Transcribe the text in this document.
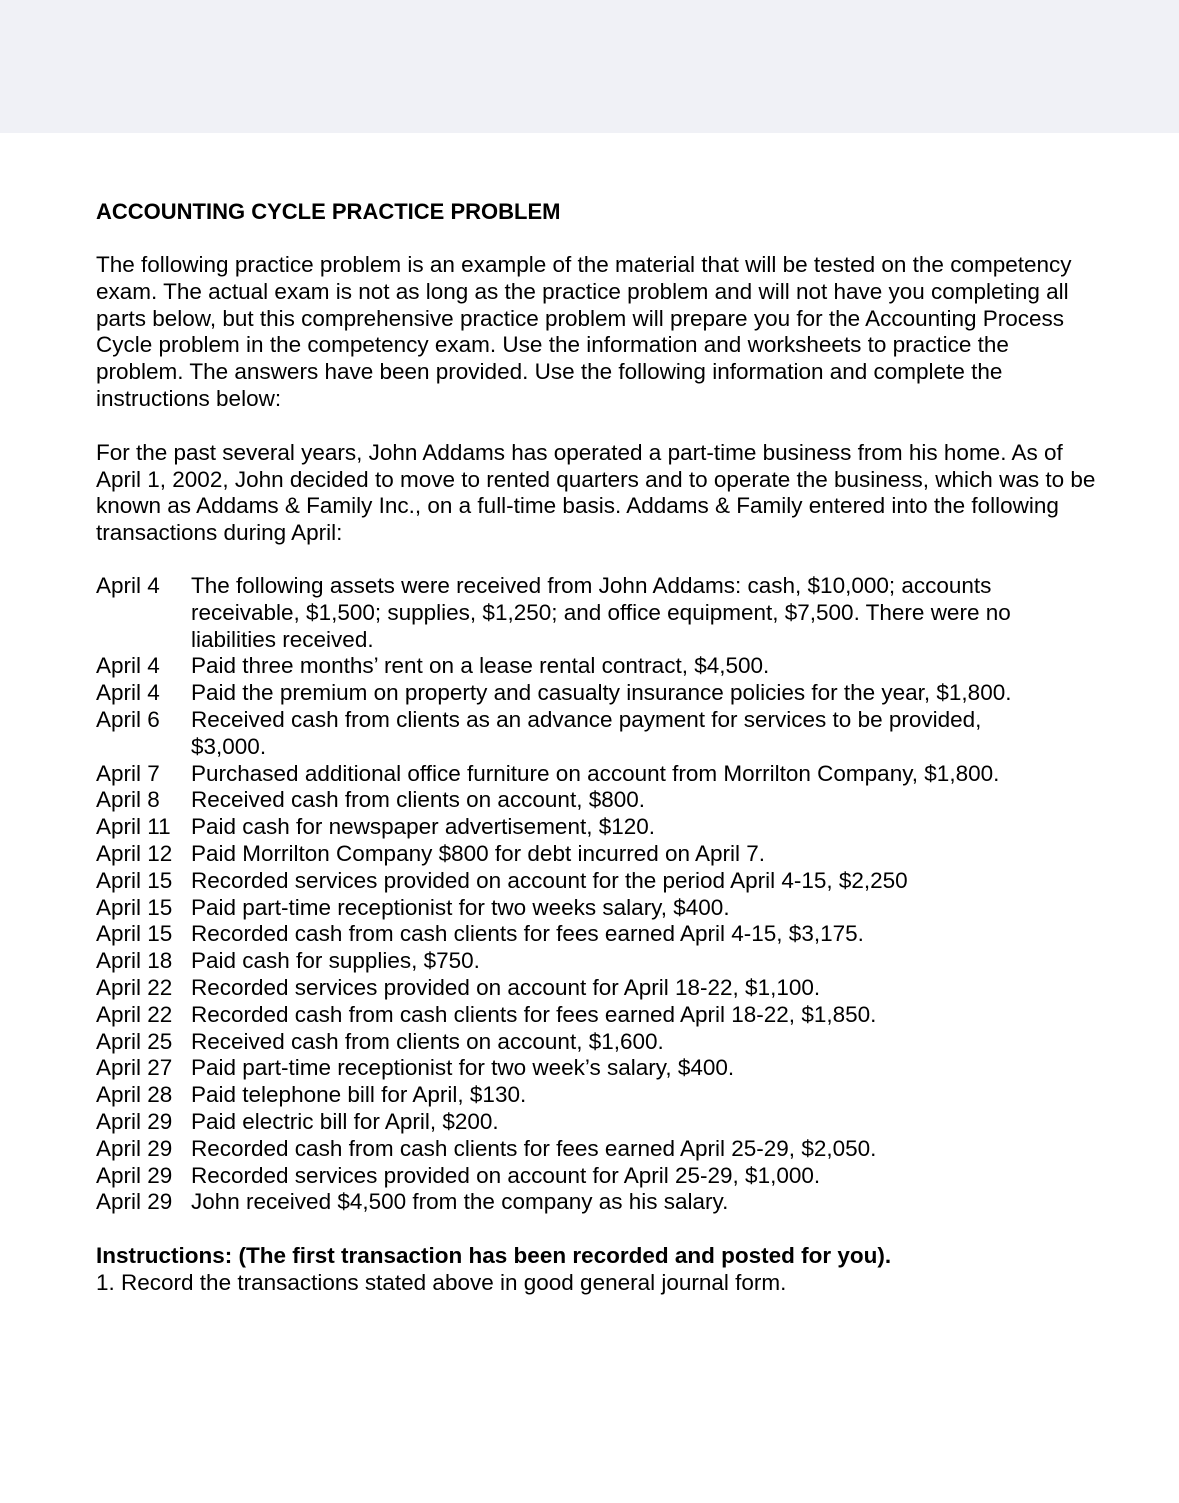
ACCOUNTING CYCLE PRACTICE PROBLEM

The following practice problem is an example of the material that will be tested on the competency exam. The actual exam is not as long as the practice problem and will not have you completing all parts below, but this comprehensive practice problem will prepare you for the Accounting Process Cycle problem in the competency exam. Use the information and worksheets to practice the problem. The answers have been provided. Use the following information and complete the instructions below:

For the past several years, John Addams has operated a part-time business from his home. As of April 1, 2002, John decided to move to rented quarters and to operate the business, which was to be known as Addams & Family Inc., on a full-time basis. Addams & Family entered into the following transactions during April:

April 4	The following assets were received from John Addams: cash, $10,000; accounts receivable, $1,500; supplies, $1,250; and office equipment, $7,500. There were no liabilities received.
April 4	Paid three months’ rent on a lease rental contract, $4,500.
April 4	Paid the premium on property and casualty insurance policies for the year, $1,800.
April 6	Received cash from clients as an advance payment for services to be provided, $3,000.
April 7	Purchased additional office furniture on account from Morrilton Company, $1,800.
April 8	Received cash from clients on account, $800.
April 11 Paid cash for newspaper advertisement, $120.
April 12 Paid Morrilton Company $800 for debt incurred on April 7.
April 15 Recorded services provided on account for the period April 4-15, $2,250
April 15 Paid part-time receptionist for two weeks salary, $400.
April 15 Recorded cash from cash clients for fees earned April 4-15, $3,175.
April 18 Paid cash for supplies, $750.
April 22 Recorded services provided on account for April 18-22, $1,100.
April 22 Recorded cash from cash clients for fees earned April 18-22, $1,850.
April 25 Received cash from clients on account, $1,600.
April 27 Paid part-time receptionist for two week’s salary, $400.
April 28 Paid telephone bill for April, $130.
April 29 Paid electric bill for April, $200.
April 29 Recorded cash from cash clients for fees earned April 25-29, $2,050.
April 29 Recorded services provided on account for April 25-29, $1,000.
April 29 John received $4,500 from the company as his salary.
Instructions: (The first transaction has been recorded and posted for you).
1. Record the transactions stated above in good general journal form.
